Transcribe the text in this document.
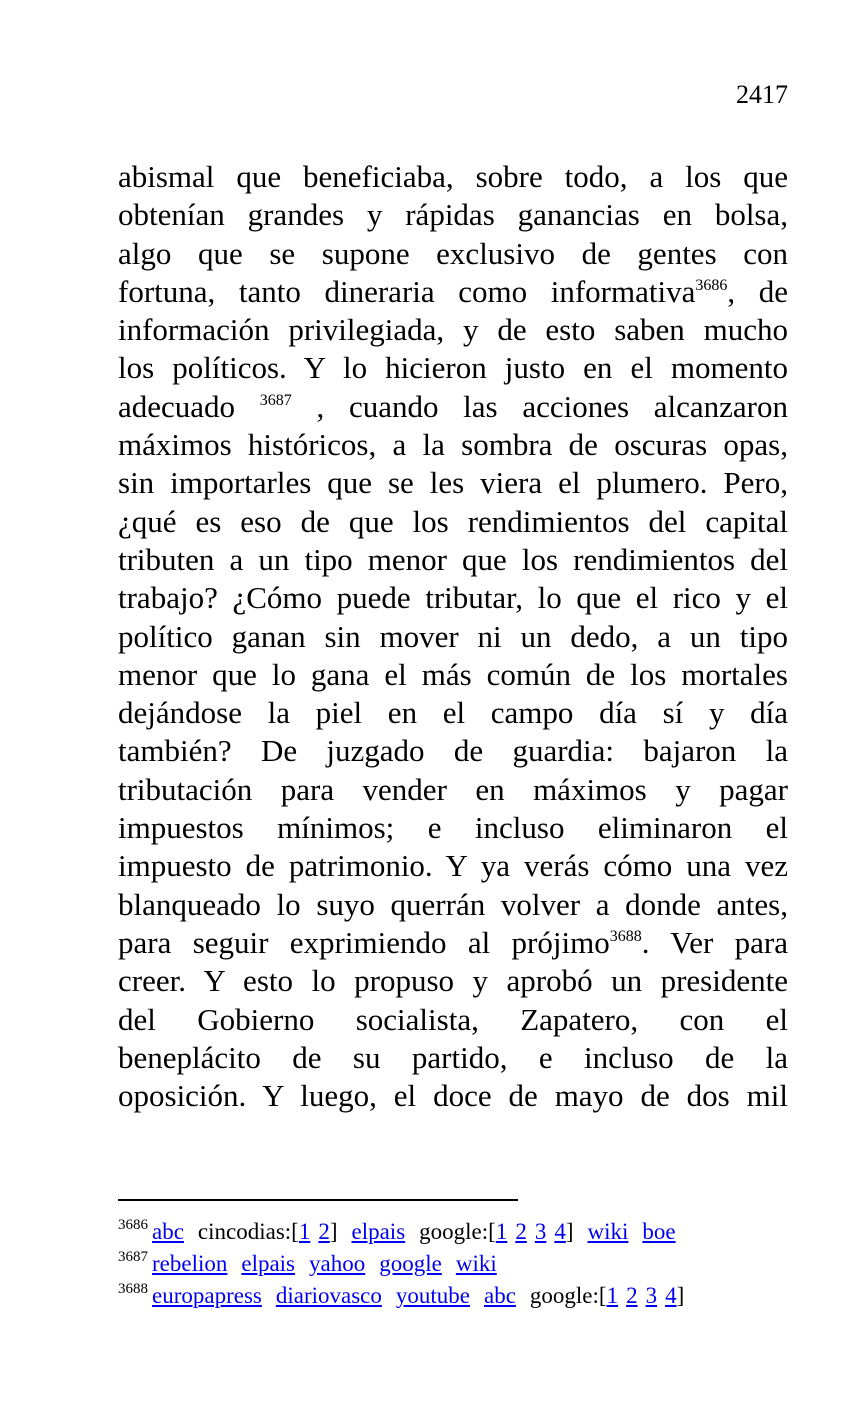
2417
abismal que beneficiaba, sobre todo, a los que
obtenían grandes y rápidas ganancias en bolsa,
algo que se supone exclusivo de gentes con
fortuna, tanto dineraria como informativa$^{3686}$, de
información privilegiada, y de esto saben mucho
los políticos. Y lo hicieron justo en el momento
adecuado $^{3687}$ , cuando las acciones alcanzaron
máximos históricos, a la sombra de oscuras opas,
sin importarles que se les viera el plumero. Pero,
¿qué es eso de que los rendimientos del capital
tributen a un tipo menor que los rendimientos del
trabajo? ¿Cómo puede tributar, lo que el rico y el
político ganan sin mover ni un dedo, a un tipo
menor que lo gana el más común de los mortales
dejándose la piel en el campo día sí y día
también? De juzgado de guardia: bajaron la
tributación para vender en máximos y pagar
impuestos mínimos; e incluso eliminaron el
impuesto de patrimonio. Y ya verás cómo una vez
blanqueado lo suyo querrán volver a donde antes,
para seguir exprimiendo al prójimo$^{3688}$. Ver para
creer. Y esto lo propuso y aprobó un presidente
del Gobierno socialista, Zapatero, con el
beneplácito de su partido, e incluso de la
oposición. Y luego, el doce de mayo de dos mil
$^{3686}$ abc cincodias:[1 2] elpais google:[1 2 3 4] wiki boe
$^{3687}$ rebelion elpais yahoo google wiki
$^{3688}$ europapress diariovasco youtube abc google:[1 2 3 4]
